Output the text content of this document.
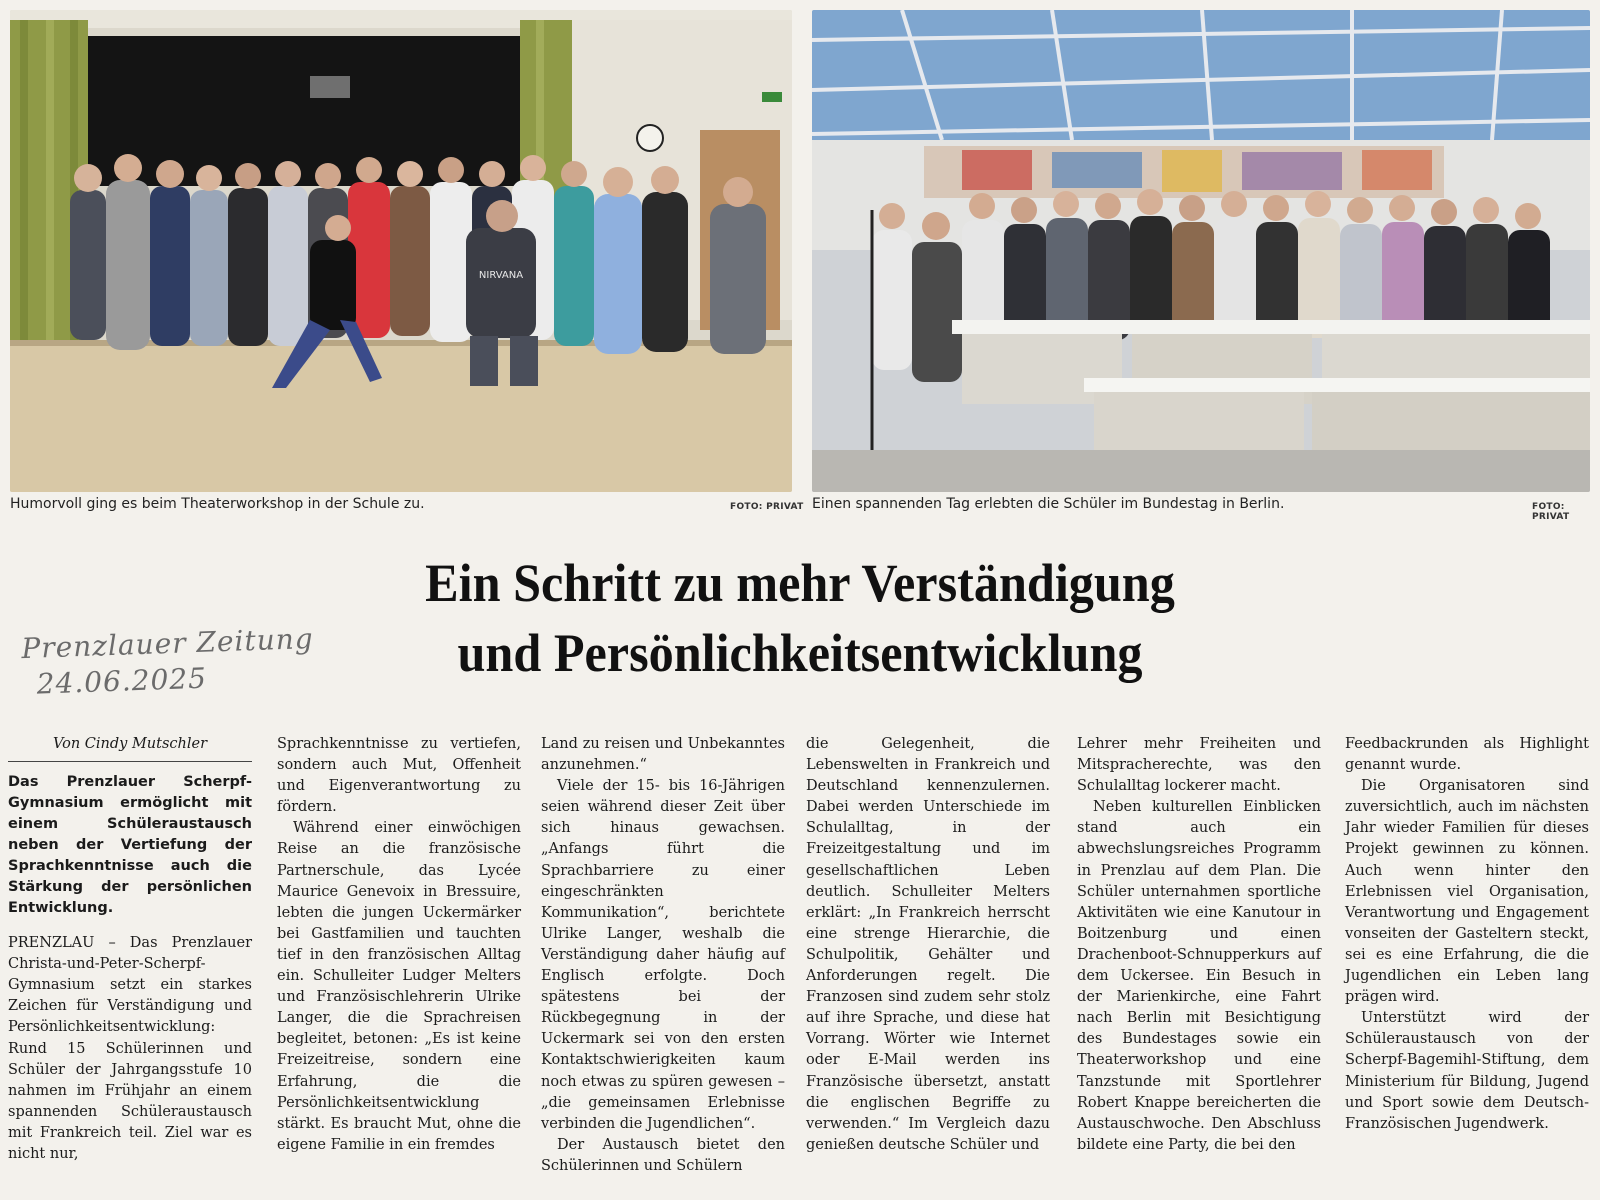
NIRVANA
Humorvoll ging es beim Theaterworkshop in der Schule zu.	FOTO: PRIVAT Einen spannenden Tag erlebten die Schüler im Bundestag in Berlin.	FOTO: PRIVAT
Ein Schritt zu mehr Verständigung
und Persönlichkeitsentwicklung
Prenzlauer Zeitung
24.06.2025

Von Cindy Mutschler

Das Prenzlauer Scherpf-Gymnasium ermöglicht mit einem Schüleraustausch neben der Vertiefung der Sprachkenntnisse auch die Stärkung der persönlichen Entwicklung.

PRENZLAU – Das Prenzlauer Christa-und-Peter-Scherpf-Gymnasium setzt ein starkes Zeichen für Verständigung und Persönlichkeitsentwicklung: Rund 15 Schülerinnen und Schüler der Jahrgangsstufe 10 nahmen im Frühjahr an einem spannenden Schüleraustausch mit Frankreich teil. Ziel war es nicht nur,

Sprachkenntnisse zu vertiefen, sondern auch Mut, Offenheit und Eigenverantwortung zu fördern.

Während einer einwöchigen Reise an die französische Partnerschule, das Lycée Maurice Genevoix in Bressuire, lebten die jungen Uckermärker bei Gastfamilien und tauchten tief in den französischen Alltag ein. Schulleiter Ludger Melters und Französischlehrerin Ulrike Langer, die die Sprachreisen begleitet, betonen: „Es ist keine Freizeitreise, sondern eine Erfahrung, die die Persönlichkeitsentwicklung stärkt. Es braucht Mut, ohne die eigene Familie in ein fremdes

Land zu reisen und Unbekanntes anzunehmen.“

Viele der 15- bis 16-Jährigen seien während dieser Zeit über sich hinaus gewachsen. „Anfangs führt die Sprachbarriere zu einer eingeschränkten Kommunikation“, berichtete Ulrike Langer, weshalb die Verständigung daher häufig auf Englisch erfolgte. Doch spätestens bei der Rückbegegnung in der Uckermark sei von den ersten Kontaktschwierigkeiten kaum noch etwas zu spüren gewesen – „die gemeinsamen Erlebnisse verbinden die Jugendlichen“.

Der Austausch bietet den Schülerinnen und Schülern

die Gelegenheit, die Lebenswelten in Frankreich und Deutschland kennenzulernen. Dabei werden Unterschiede im Schulalltag, in der Freizeitgestaltung und im gesellschaftlichen Leben deutlich. Schulleiter Melters erklärt: „In Frankreich herrscht eine strenge Hierarchie, die Schulpolitik, Gehälter und Anforderungen regelt. Die Franzosen sind zudem sehr stolz auf ihre Sprache, und diese hat Vorrang. Wörter wie Internet oder E-Mail werden ins Französische übersetzt, anstatt die englischen Begriffe zu verwenden.“ Im Vergleich dazu genießen deutsche Schüler und

Lehrer mehr Freiheiten und Mitspracherechte, was den Schulalltag lockerer macht.

Neben kulturellen Einblicken stand auch ein abwechslungsreiches Programm in Prenzlau auf dem Plan. Die Schüler unternahmen sportliche Aktivitäten wie eine Kanutour in Boitzenburg und einen Drachenboot-Schnupperkurs auf dem Uckersee. Ein Besuch in der Marienkirche, eine Fahrt nach Berlin mit Besichtigung des Bundestages sowie ein Theaterworkshop und eine Tanzstunde mit Sportlehrer Robert Knappe bereicherten die Austauschwoche. Den Abschluss bildete eine Party, die bei den

Feedbackrunden als Highlight genannt wurde.

Die Organisatoren sind zuversichtlich, auch im nächsten Jahr wieder Familien für dieses Projekt gewinnen zu können. Auch wenn hinter den Erlebnissen viel Organisation, Verantwortung und Engagement vonseiten der Gasteltern steckt, sei es eine Erfahrung, die die Jugendlichen ein Leben lang prägen wird.

Unterstützt wird der Schüleraustausch von der Scherpf-Bagemihl-Stiftung, dem Ministerium für Bildung, Jugend und Sport sowie dem Deutsch-Französischen Jugendwerk.
